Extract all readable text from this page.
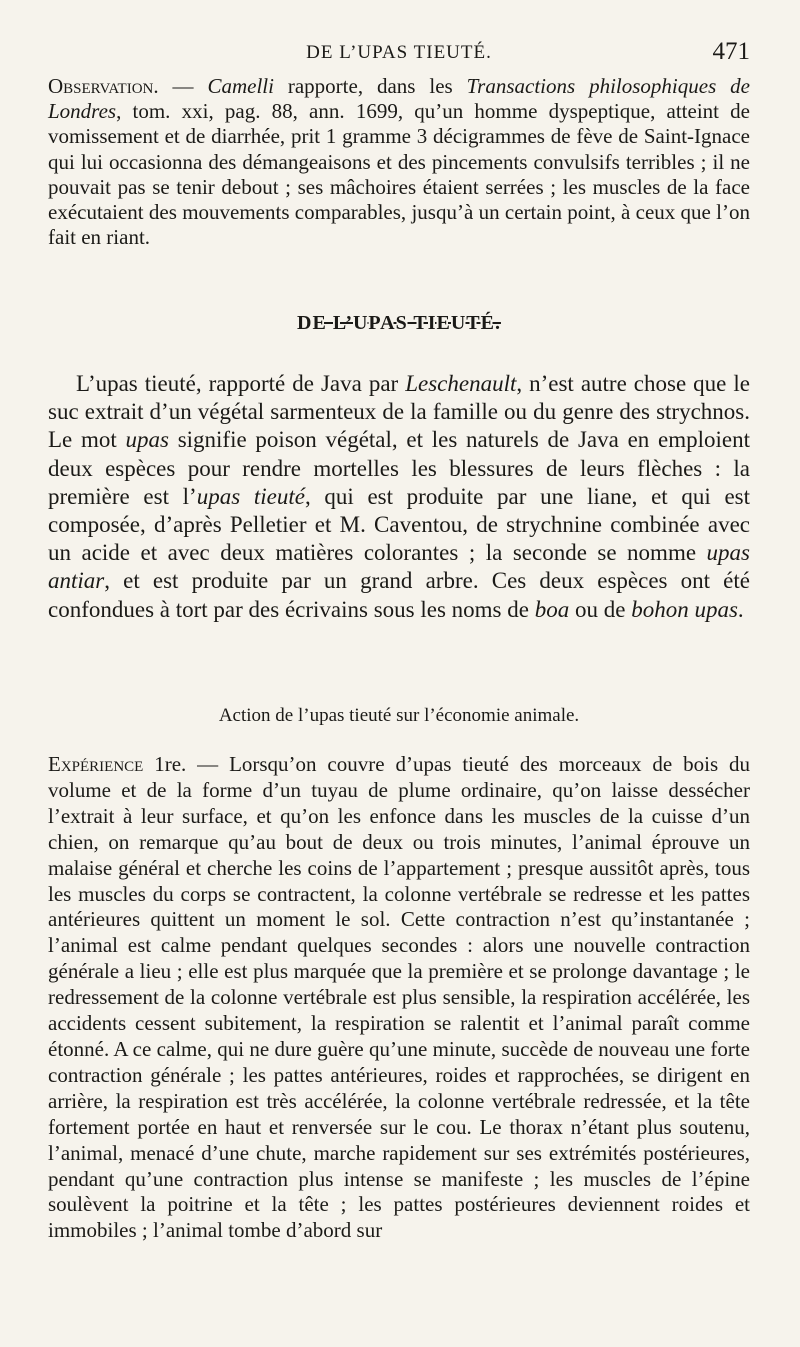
DE L’UPAS TIEUTÉ.	471

Observation. — Camelli rapporte, dans les Transactions philosophiques de Londres, tom. xxi, pag. 88, ann. 1699, qu’un homme dyspeptique, atteint de vomissement et de diarrhée, prit 1 gramme 3 décigrammes de fève de Saint-Ignace qui lui occasionna des démangeaisons et des pincements convulsifs terribles ; il ne pouvait pas se tenir debout ; ses mâchoires étaient serrées ; les muscles de la face exécutaient des mouvements comparables, jusqu’à un certain point, à ceux que l’on fait en riant.

DE L’UPAS TIEUTÉ.

L’upas tieuté, rapporté de Java par Leschenault, n’est autre chose que le suc extrait d’un végétal sarmenteux de la famille ou du genre des strychnos. Le mot upas signifie poison végétal, et les naturels de Java en emploient deux espèces pour rendre mortelles les blessures de leurs flèches : la première est l’upas tieuté, qui est produite par une liane, et qui est composée, d’après Pelletier et M. Caventou, de strychnine combinée avec un acide et avec deux matières colorantes ; la seconde se nomme upas antiar, et est produite par un grand arbre. Ces deux espèces ont été confondues à tort par des écrivains sous les noms de boa ou de bohon upas.

Action de l’upas tieuté sur l’économie animale.

Expérience 1re. — Lorsqu’on couvre d’upas tieuté des morceaux de bois du volume et de la forme d’un tuyau de plume ordinaire, qu’on laisse dessécher l’extrait à leur surface, et qu’on les enfonce dans les muscles de la cuisse d’un chien, on remarque qu’au bout de deux ou trois minutes, l’animal éprouve un malaise général et cherche les coins de l’appartement ; presque aussitôt après, tous les muscles du corps se contractent, la colonne vertébrale se redresse et les pattes antérieures quittent un moment le sol. Cette contraction n’est qu’instantanée ; l’animal est calme pendant quelques secondes : alors une nouvelle contraction générale a lieu ; elle est plus marquée que la première et se prolonge davantage ; le redressement de la colonne vertébrale est plus sensible, la respiration accélérée, les accidents cessent subitement, la respiration se ralentit et l’animal paraît comme étonné. A ce calme, qui ne dure guère qu’une minute, succède de nouveau une forte contraction générale ; les pattes antérieures, roides et rapprochées, se dirigent en arrière, la respiration est très accélérée, la colonne vertébrale redressée, et la tête fortement portée en haut et renversée sur le cou. Le thorax n’étant plus soutenu, l’animal, menacé d’une chute, marche rapidement sur ses extrémités postérieures, pendant qu’une contraction plus intense se manifeste ; les muscles de l’épine soulèvent la poitrine et la tête ; les pattes postérieures deviennent roides et immobiles ; l’animal tombe d’abord sur
